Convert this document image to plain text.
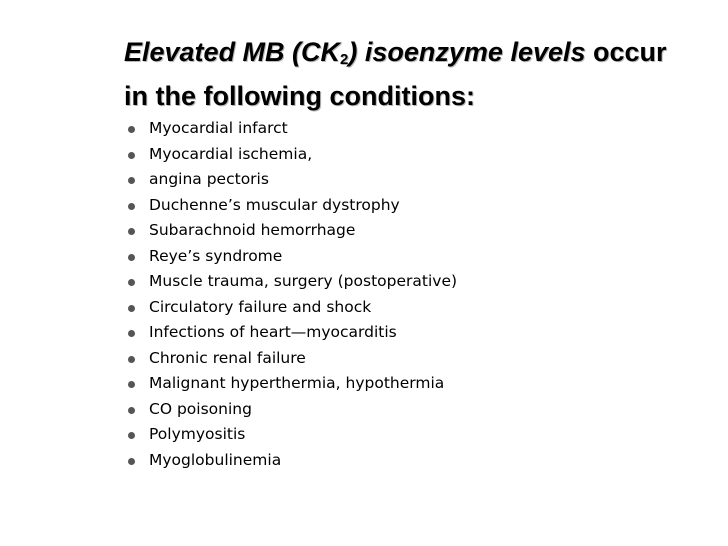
Elevated MB $(CK_2)$ isoenzyme levels occur
in the following conditions:
Myocardial infarct
Myocardial ischemia,
angina pectoris
Duchenne’s muscular dystrophy
Subarachnoid hemorrhage
Reye’s syndrome
Muscle trauma, surgery (postoperative)
Circulatory failure and shock
Infections of heart—myocarditis
Chronic renal failure
Malignant hyperthermia, hypothermia
CO poisoning
Polymyositis
Myoglobulinemia
